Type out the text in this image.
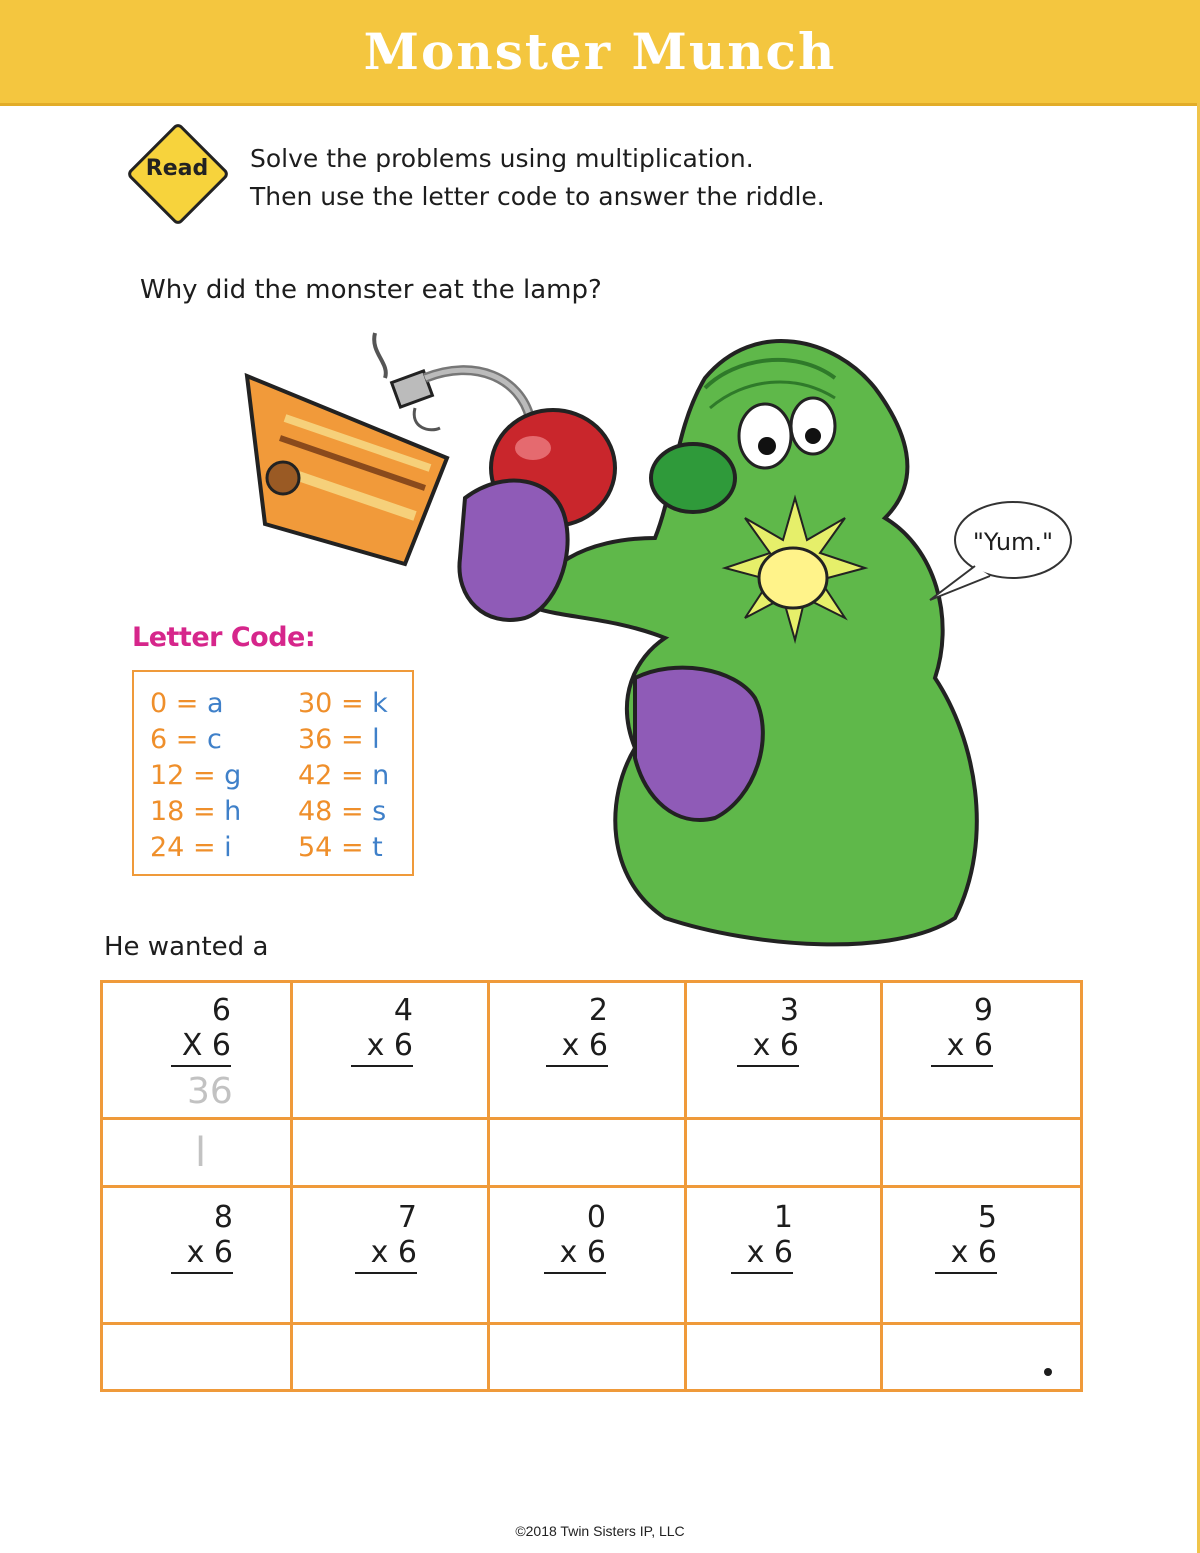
Monster Munch
Read	Solve the problems using multiplication.
Then use the letter code to answer the riddle.
Why did the monster eat the lamp?
"Yum."
Letter Code:
0 = a
6 = c
12 = g
18 = h
24 = i
30 = k
36 = l
42 = n
48 = s
54 = t
He wanted a
6
X 6
36
4
x 6
2
x 6
3
x 6
9
x 6
l
8
x 6
7
x 6
0
x 6
1
x 6
5
x 6
©2018 Twin Sisters IP, LLC
